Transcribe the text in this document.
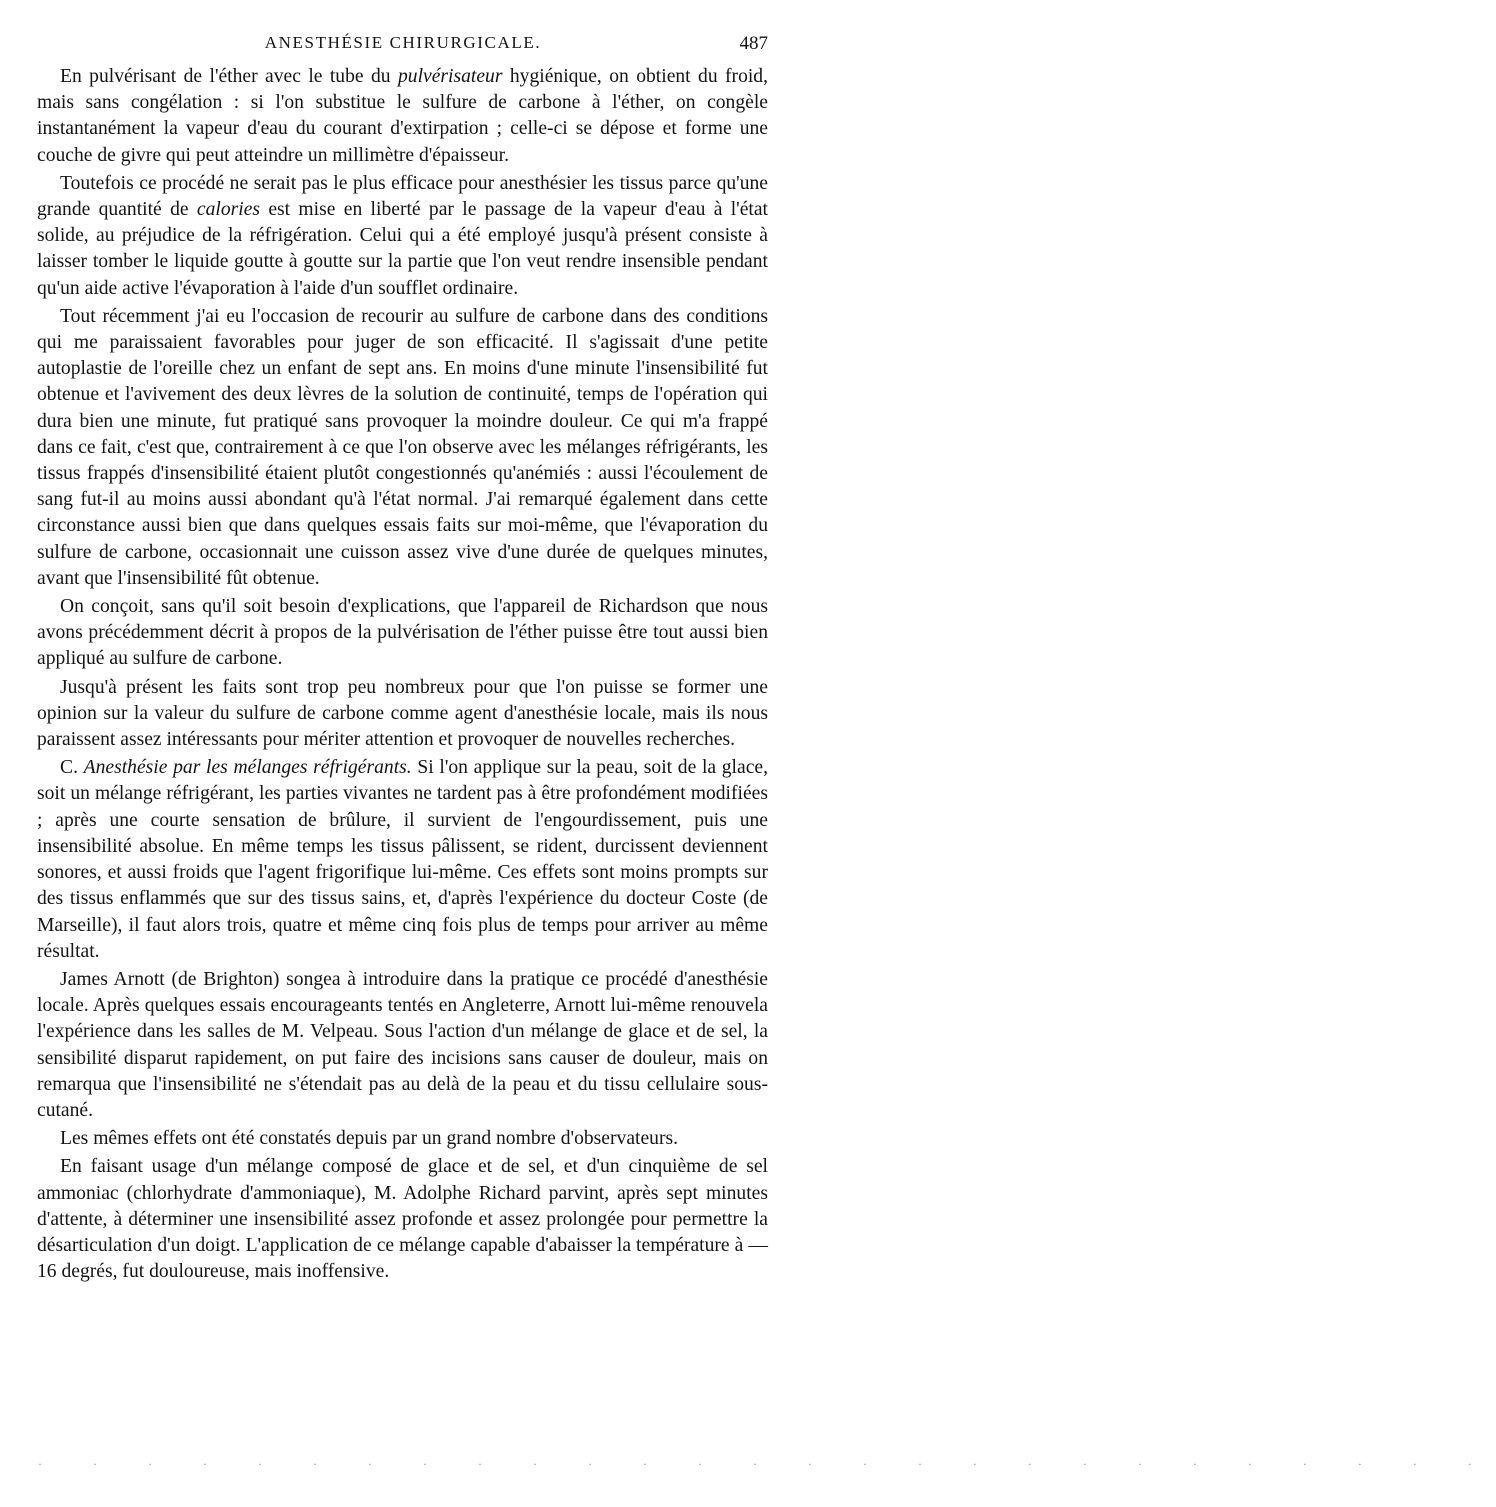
ANESTHÉSIE CHIRURGICALE.	487

En pulvérisant de l'éther avec le tube du pulvérisateur hygiénique, on obtient du froid, mais sans congélation : si l'on substitue le sulfure de carbone à l'éther, on congèle instantanément la vapeur d'eau du courant d'extirpation ; celle-ci se dépose et forme une couche de givre qui peut atteindre un millimètre d'épaisseur.

Toutefois ce procédé ne serait pas le plus efficace pour anesthésier les tissus parce qu'une grande quantité de calories est mise en liberté par le passage de la vapeur d'eau à l'état solide, au préjudice de la réfrigération. Celui qui a été employé jusqu'à présent consiste à laisser tomber le liquide goutte à goutte sur la partie que l'on veut rendre insensible pendant qu'un aide active l'évaporation à l'aide d'un soufflet ordinaire.

Tout récemment j'ai eu l'occasion de recourir au sulfure de carbone dans des conditions qui me paraissaient favorables pour juger de son efficacité. Il s'agissait d'une petite autoplastie de l'oreille chez un enfant de sept ans. En moins d'une minute l'insensibilité fut obtenue et l'avivement des deux lèvres de la solution de continuité, temps de l'opération qui dura bien une minute, fut pratiqué sans provoquer la moindre douleur. Ce qui m'a frappé dans ce fait, c'est que, contrairement à ce que l'on observe avec les mélanges réfrigérants, les tissus frappés d'insensibilité étaient plutôt congestionnés qu'anémiés : aussi l'écoulement de sang fut-il au moins aussi abondant qu'à l'état normal. J'ai remarqué également dans cette circonstance aussi bien que dans quelques essais faits sur moi-même, que l'évaporation du sulfure de carbone, occasionnait une cuisson assez vive d'une durée de quelques minutes, avant que l'insensibilité fût obtenue.

On conçoit, sans qu'il soit besoin d'explications, que l'appareil de Richardson que nous avons précédemment décrit à propos de la pulvérisation de l'éther puisse être tout aussi bien appliqué au sulfure de carbone.

Jusqu'à présent les faits sont trop peu nombreux pour que l'on puisse se former une opinion sur la valeur du sulfure de carbone comme agent d'anesthésie locale, mais ils nous paraissent assez intéressants pour mériter attention et provoquer de nouvelles recherches.

C. Anesthésie par les mélanges réfrigérants. Si l'on applique sur la peau, soit de la glace, soit un mélange réfrigérant, les parties vivantes ne tardent pas à être profondément modifiées ; après une courte sensation de brûlure, il survient de l'engourdissement, puis une insensibilité absolue. En même temps les tissus pâlissent, se rident, durcissent deviennent sonores, et aussi froids que l'agent frigorifique lui-même. Ces effets sont moins prompts sur des tissus enflammés que sur des tissus sains, et, d'après l'expérience du docteur Coste (de Marseille), il faut alors trois, quatre et même cinq fois plus de temps pour arriver au même résultat.

James Arnott (de Brighton) songea à introduire dans la pratique ce procédé d'anesthésie locale. Après quelques essais encourageants tentés en Angleterre, Arnott lui-même renouvela l'expérience dans les salles de M. Velpeau. Sous l'action d'un mélange de glace et de sel, la sensibilité disparut rapidement, on put faire des incisions sans causer de douleur, mais on remarqua que l'insensibilité ne s'étendait pas au delà de la peau et du tissu cellulaire sous-cutané.

Les mêmes effets ont été constatés depuis par un grand nombre d'observateurs.

En faisant usage d'un mélange composé de glace et de sel, et d'un cinquième de sel ammoniac (chlorhydrate d'ammoniaque), M. Adolphe Richard parvint, après sept minutes d'attente, à déterminer une insensibilité assez profonde et assez prolongée pour permettre la désarticulation d'un doigt. L'application de ce mélange capable d'abaisser la température à — 16 degrés, fut douloureuse, mais inoffensive.

· · · · · · · · · · · · · · · · · · · · · · · · · · ·
